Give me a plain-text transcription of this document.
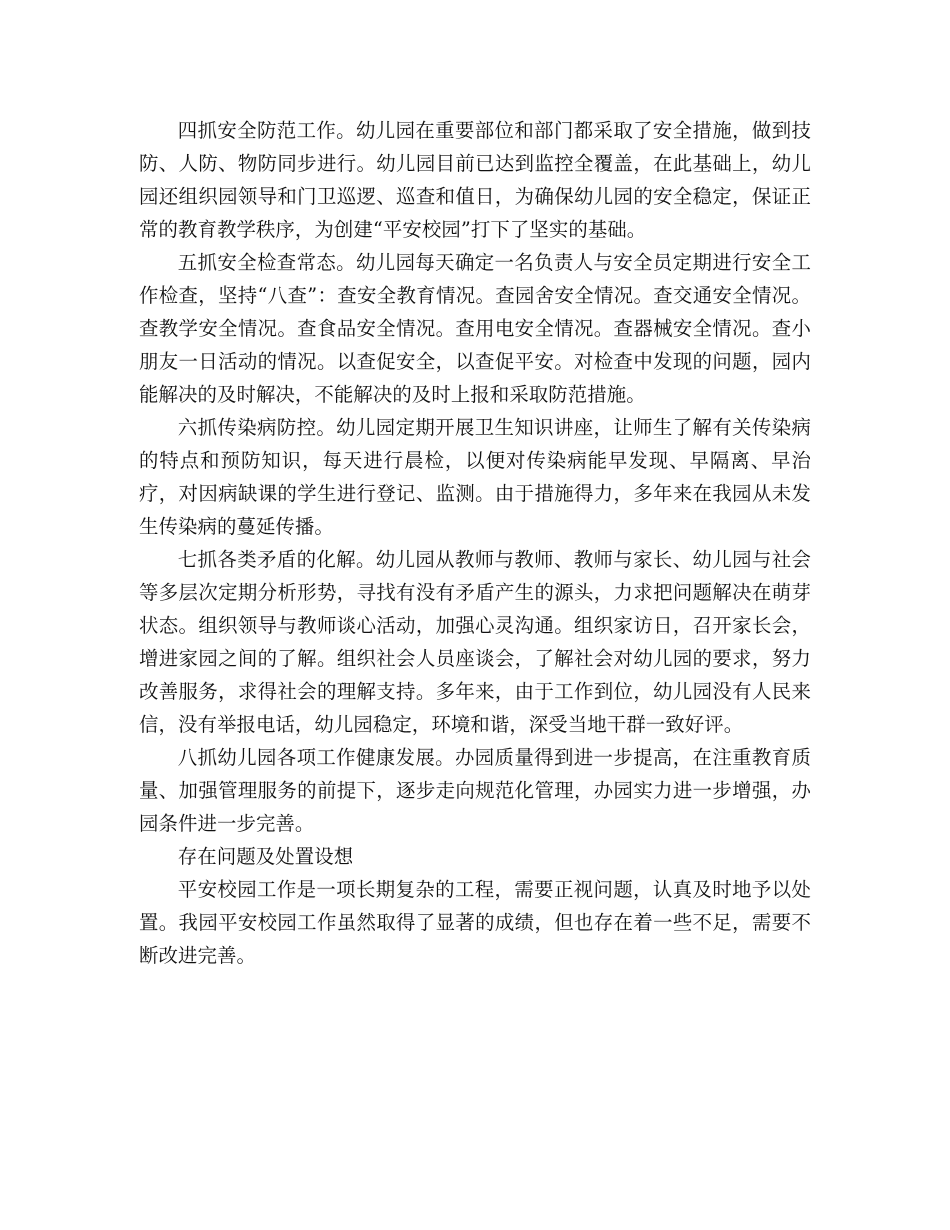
四抓安全防范工作。幼儿园在重要部位和部门都采取了安全措施，做到技防、人防、物防同步进行。幼儿园目前已达到监控全覆盖，在此基础上，幼儿园还组织园领导和门卫巡逻、巡查和值日，为确保幼儿园的安全稳定，保证正常的教育教学秩序，为创建“平安校园”打下了坚实的基础。

五抓安全检查常态。幼儿园每天确定一名负责人与安全员定期进行安全工作检查，坚持“八查”：查安全教育情况。查园舍安全情况。查交通安全情况。查教学安全情况。查食品安全情况。查用电安全情况。查器械安全情况。查小朋友一日活动的情况。以查促安全，以查促平安。对检查中发现的问题，园内能解决的及时解决，不能解决的及时上报和采取防范措施。

六抓传染病防控。幼儿园定期开展卫生知识讲座，让师生了解有关传染病的特点和预防知识，每天进行晨检，以便对传染病能早发现、早隔离、早治疗，对因病缺课的学生进行登记、监测。由于措施得力，多年来在我园从未发生传染病的蔓延传播。

七抓各类矛盾的化解。幼儿园从教师与教师、教师与家长、幼儿园与社会等多层次定期分析形势，寻找有没有矛盾产生的源头，力求把问题解决在萌芽状态。组织领导与教师谈心活动，加强心灵沟通。组织家访日，召开家长会，增进家园之间的了解。组织社会人员座谈会，了解社会对幼儿园的要求，努力改善服务，求得社会的理解支持。多年来，由于工作到位，幼儿园没有人民来信，没有举报电话，幼儿园稳定，环境和谐，深受当地干群一致好评。

八抓幼儿园各项工作健康发展。办园质量得到进一步提高，在注重教育质量、加强管理服务的前提下，逐步走向规范化管理，办园实力进一步增强，办园条件进一步完善。

存在问题及处置设想

平安校园工作是一项长期复杂的工程，需要正视问题，认真及时地予以处置。我园平安校园工作虽然取得了显著的成绩，但也存在着一些不足，需要不断改进完善。
